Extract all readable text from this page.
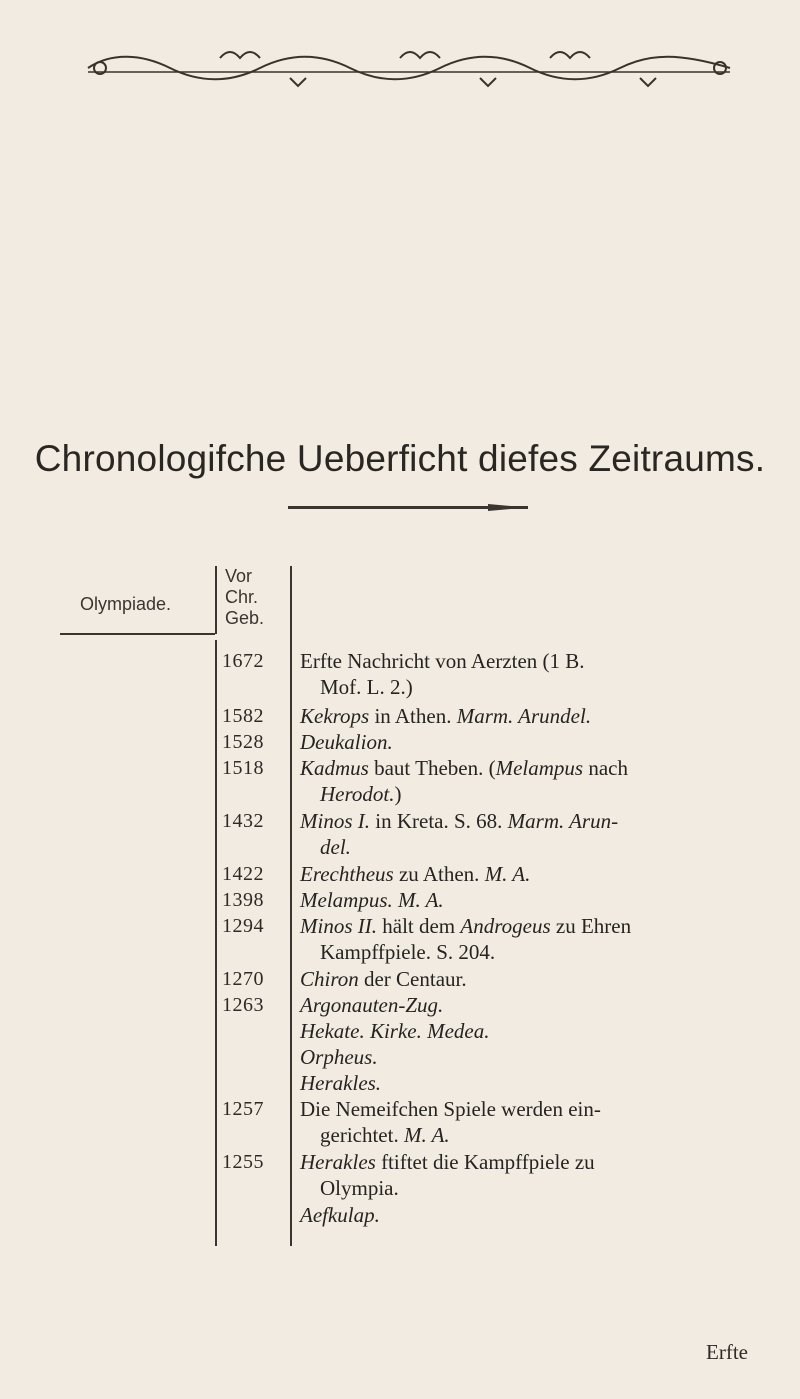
Chronologifche Ueberficht diefes Zeitraums.
Olympiade.
Vor
Chr.
Geb.
1672	Erfte Nachricht von Aerzten (1 B.
Mof. L. 2.)
1582	Kekrops in Athen. Marm. Arundel.
1528	Deukalion.
1518	Kadmus baut Theben. (Melampus nach
Herodot.)
1432	Minos I. in Kreta. S. 68. Marm. Arun-
del.
1422	Erechtheus zu Athen. M. A.
1398	Melampus. M. A.
1294	Minos II. hält dem Androgeus zu Ehren
Kampffpiele. S. 204.
1270	Chiron der Centaur.
1263	Argonauten-Zug.
Hekate. Kirke. Medea.
Orpheus.
Herakles.
1257	Die Nemeifchen Spiele werden ein-
gerichtet. M. A.
1255	Herakles ftiftet die Kampffpiele zu
Olympia.
Aefkulap.
Erfte
